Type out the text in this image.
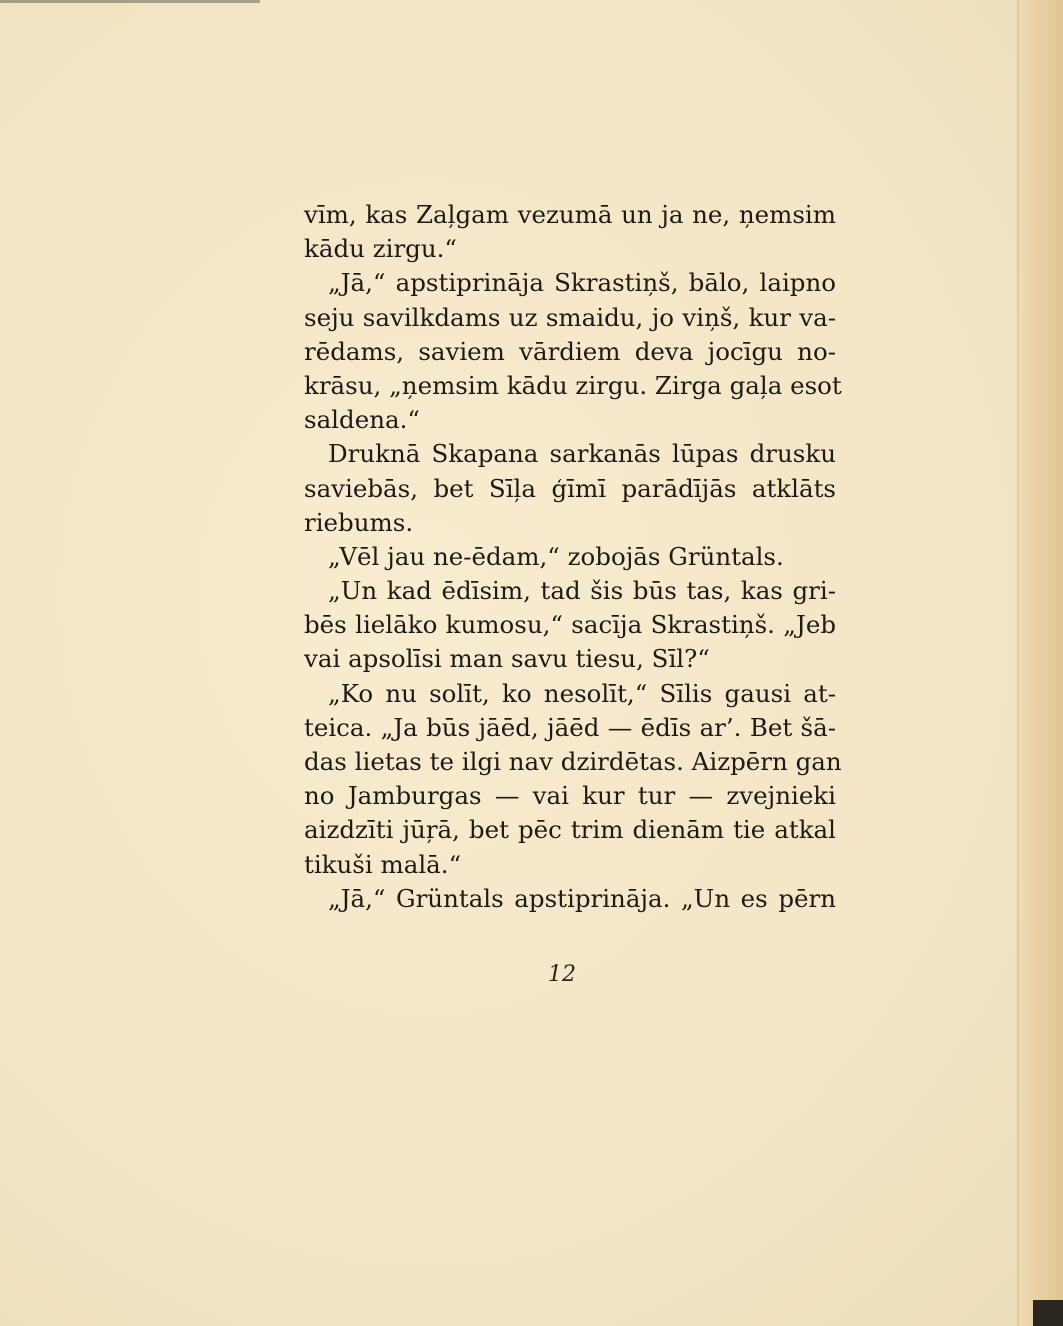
vīm, kas Zaļgam vezumā un ja ne, ņemsim
kādu zirgu.“
„Jā,“ apstiprināja Skrastiņš, bālo, laipno
seju savilkdams uz smaidu, jo viņš, kur va-
rēdams, saviem vārdiem deva jocīgu no-
krāsu, „ņemsim kādu zirgu. Zirga gaļa esot
saldena.“
Druknā Skapana sarkanās lūpas drusku
saviebās, bet Sīļa ģīmī parādījās atklāts
riebums.
„Vēl jau ne-ēdam,“ zobojās Grüntals.
„Un kad ēdīsim, tad šis būs tas, kas gri-
bēs lielāko kumosu,“ sacīja Skrastiņš. „Jeb
vai apsolīsi man savu tiesu, Sīl?“
„Ko nu solīt, ko nesolīt,“ Sīlis gausi at-
teica. „Ja būs jāēd, jāēd — ēdīs ar’. Bet šā-
das lietas te ilgi nav dzirdētas. Aizpērn gan
no Jamburgas — vai kur tur — zvejnieki
aizdzīti jūŗā, bet pēc trim dienām tie atkal
tikuši malā.“
„Jā,“ Grüntals apstiprināja. „Un es pērn
12
